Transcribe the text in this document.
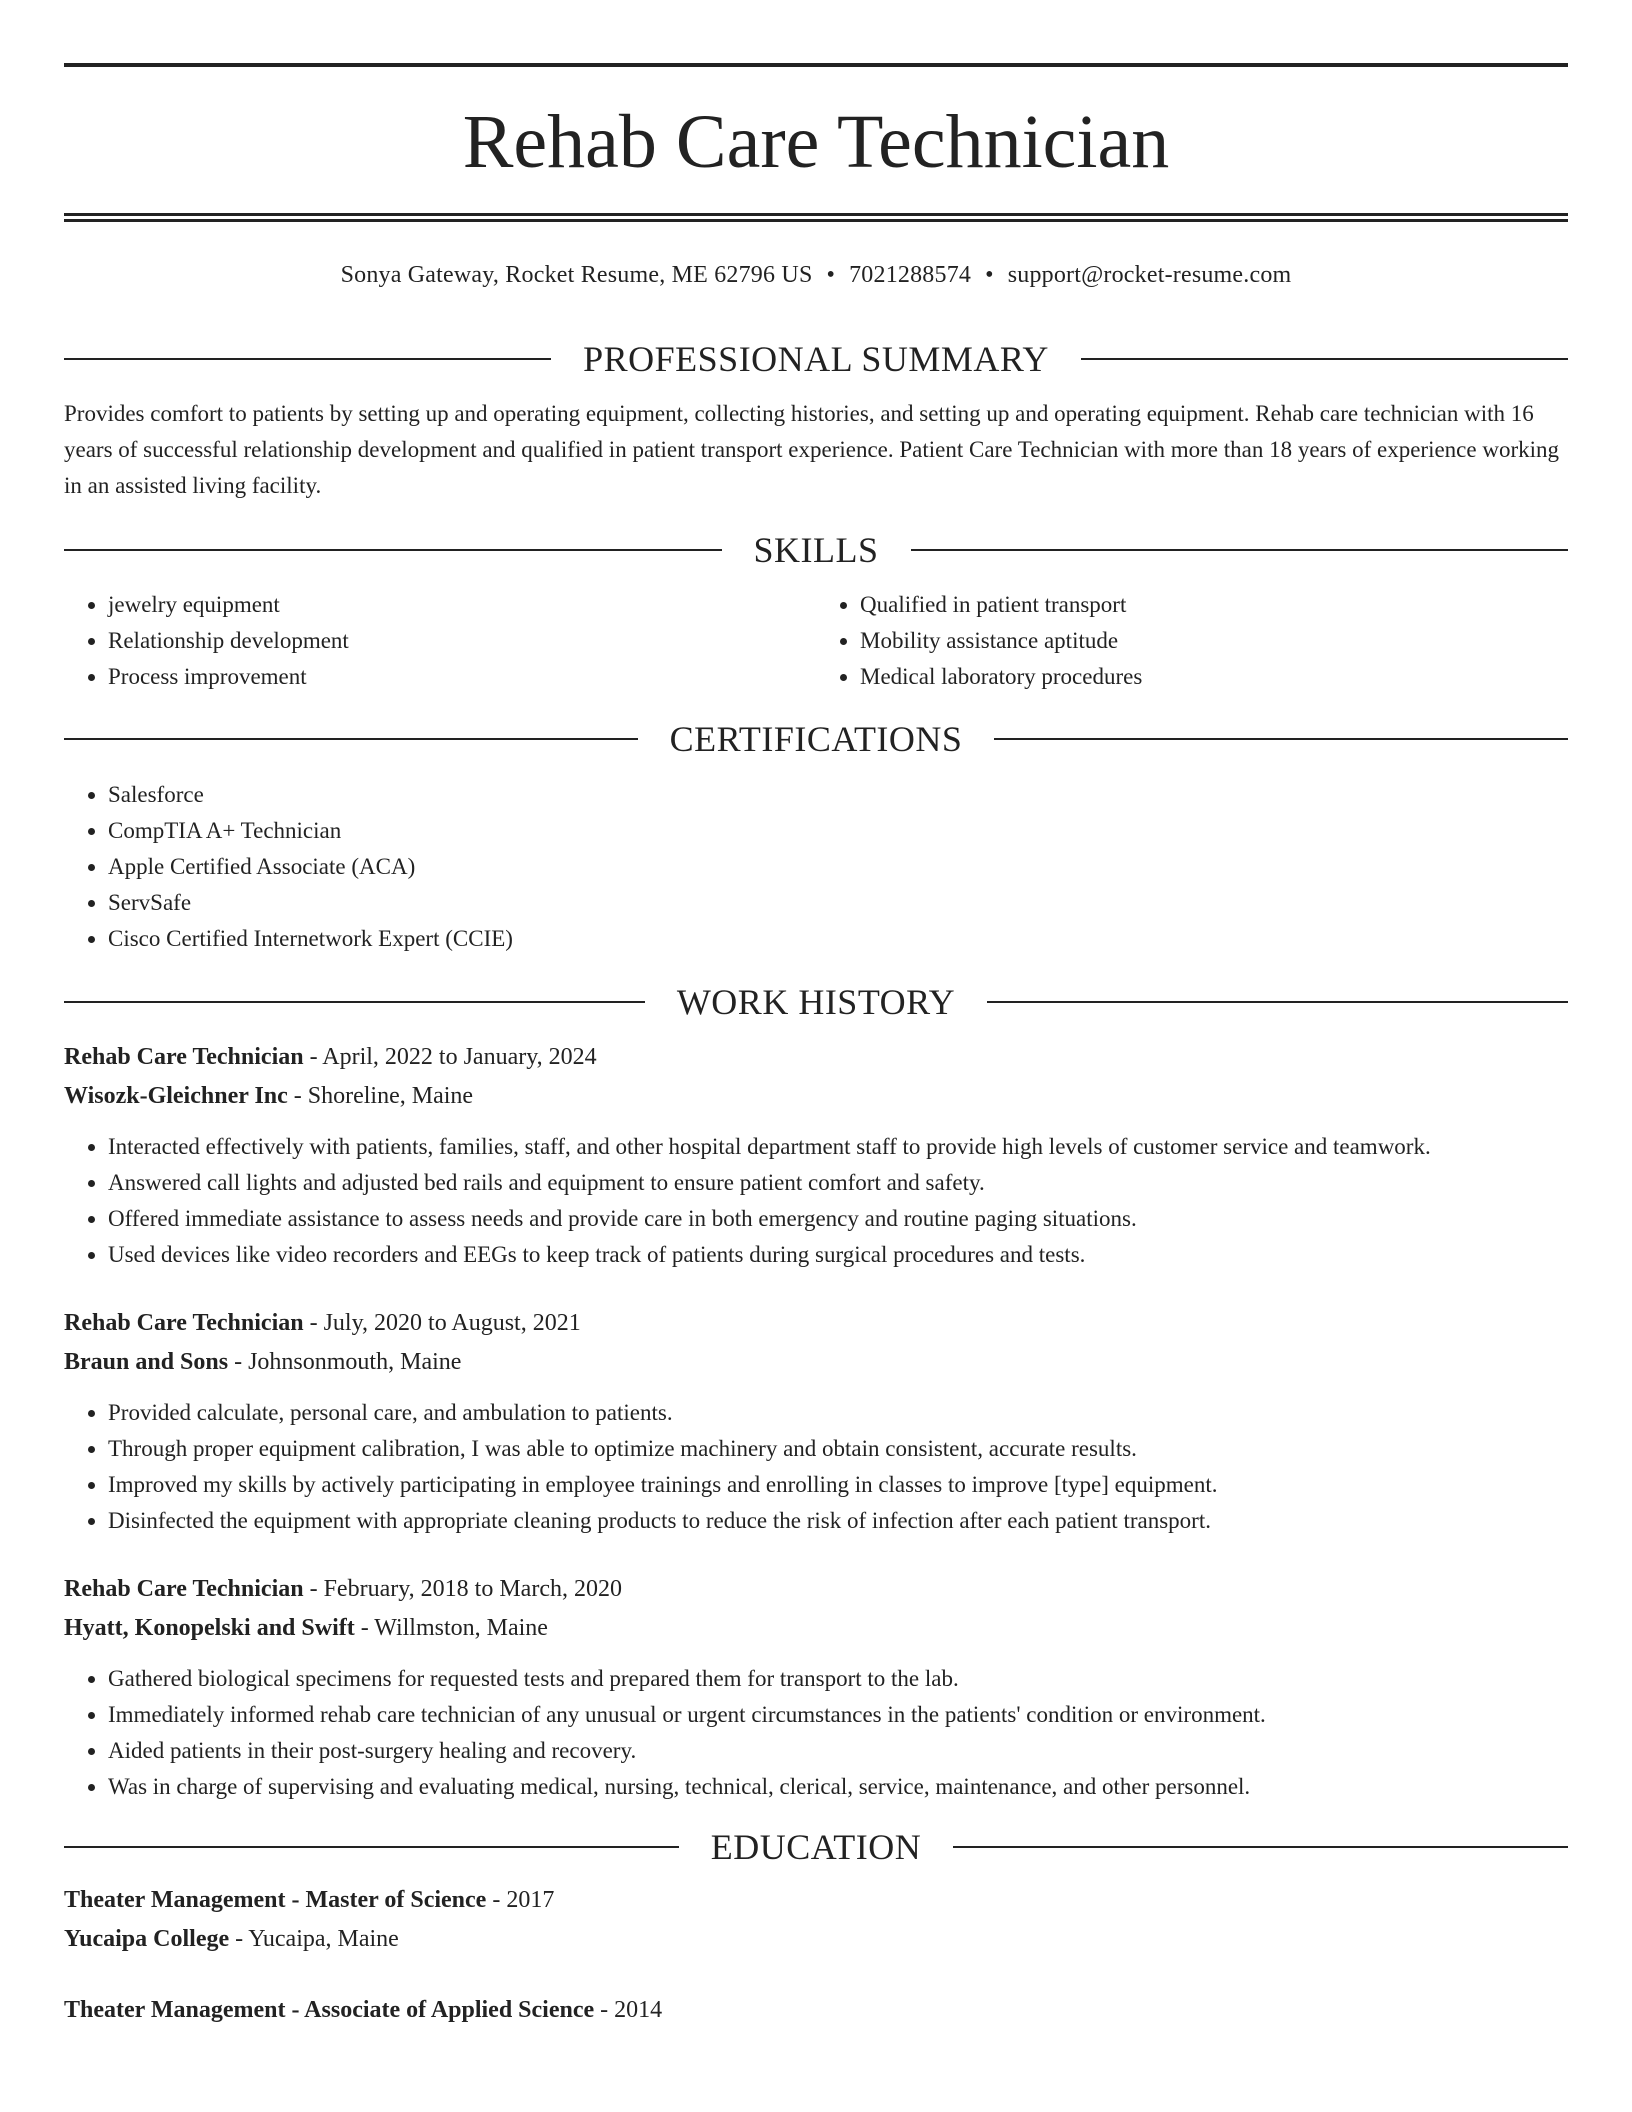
Rehab Care Technician
Sonya Gateway, Rocket Resume, ME 62796 US • 7021288574 • support@rocket-resume.com
PROFESSIONAL SUMMARY

Provides comfort to patients by setting up and operating equipment, collecting histories, and setting up and operating equipment. Rehab care technician with 16 years of successful relationship development and qualified in patient transport experience. Patient Care Technician with more than 18 years of experience working in an assisted living facility.

SKILLS
• jewelry equipment
• Relationship development
• Process improvement
• Qualified in patient transport
• Mobility assistance aptitude
• Medical laboratory procedures
CERTIFICATIONS
• Salesforce
• CompTIA A+ Technician
• Apple Certified Associate (ACA)
• ServSafe
• Cisco Certified Internetwork Expert (CCIE)
WORK HISTORY
Rehab Care Technician - April, 2022 to January, 2024
Wisozk-Gleichner Inc - Shoreline, Maine
• Interacted effectively with patients, families, staff, and other hospital department staff to provide high levels of customer service and teamwork.
• Answered call lights and adjusted bed rails and equipment to ensure patient comfort and safety.
• Offered immediate assistance to assess needs and provide care in both emergency and routine paging situations.
• Used devices like video recorders and EEGs to keep track of patients during surgical procedures and tests.
Rehab Care Technician - July, 2020 to August, 2021
Braun and Sons - Johnsonmouth, Maine
• Provided calculate, personal care, and ambulation to patients.
• Through proper equipment calibration, I was able to optimize machinery and obtain consistent, accurate results.
• Improved my skills by actively participating in employee trainings and enrolling in classes to improve [type] equipment.
• Disinfected the equipment with appropriate cleaning products to reduce the risk of infection after each patient transport.
Rehab Care Technician - February, 2018 to March, 2020
Hyatt, Konopelski and Swift - Willmston, Maine
• Gathered biological specimens for requested tests and prepared them for transport to the lab.
• Immediately informed rehab care technician of any unusual or urgent circumstances in the patients' condition or environment.
• Aided patients in their post-surgery healing and recovery.
• Was in charge of supervising and evaluating medical, nursing, technical, clerical, service, maintenance, and other personnel.
EDUCATION
Theater Management - Master of Science - 2017
Yucaipa College - Yucaipa, Maine
Theater Management - Associate of Applied Science - 2014
